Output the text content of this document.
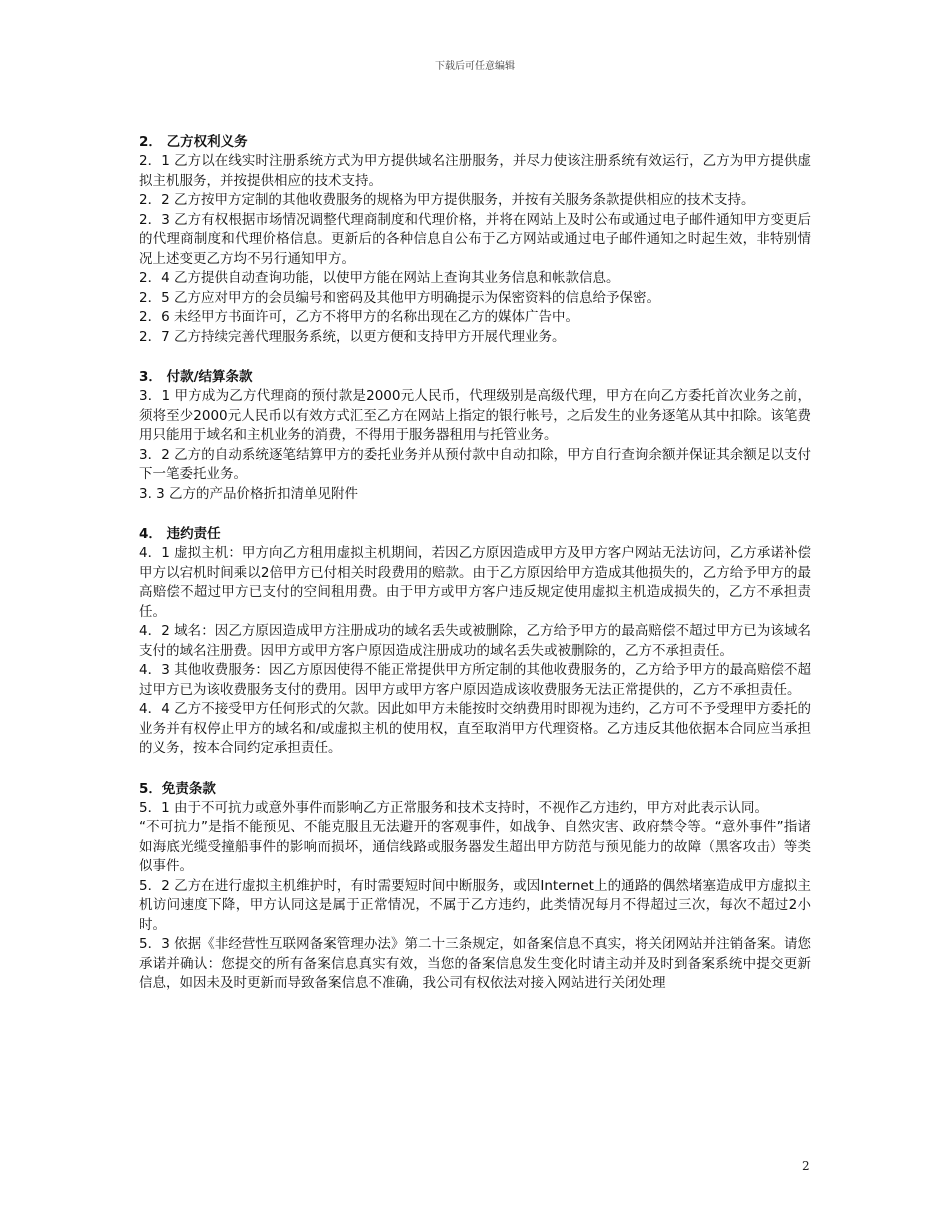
下载后可任意编辑
2． 乙方权利义务
2．1 乙方以在线实时注册系统方式为甲方提供域名注册服务，并尽力使该注册系统有效运行，乙方为甲方提供虚拟主机服务，并按提供相应的技术支持。
2．2 乙方按甲方定制的其他收费服务的规格为甲方提供服务，并按有关服务条款提供相应的技术支持。
2．3 乙方有权根据市场情况调整代理商制度和代理价格，并将在网站上及时公布或通过电子邮件通知甲方变更后的代理商制度和代理价格信息。更新后的各种信息自公布于乙方网站或通过电子邮件通知之时起生效，非特别情况上述变更乙方均不另行通知甲方。
2．4 乙方提供自动查询功能，以使甲方能在网站上查询其业务信息和帐款信息。
2．5 乙方应对甲方的会员编号和密码及其他甲方明确提示为保密资料的信息给予保密。
2．6 未经甲方书面许可，乙方不将甲方的名称出现在乙方的媒体广告中。
2．7 乙方持续完善代理服务系统，以更方便和支持甲方开展代理业务。
3． 付款/结算条款
3．1 甲方成为乙方代理商的预付款是2000元人民币，代理级别是高级代理，甲方在向乙方委托首次业务之前，须将至少2000元人民币以有效方式汇至乙方在网站上指定的银行帐号，之后发生的业务逐笔从其中扣除。该笔费用只能用于域名和主机业务的消费，不得用于服务器租用与托管业务。
3．2 乙方的自动系统逐笔结算甲方的委托业务并从预付款中自动扣除，甲方自行查询余额并保证其余额足以支付下一笔委托业务。
3. 3 乙方的产品价格折扣清单见附件
4． 违约责任
4．1 虚拟主机：甲方向乙方租用虚拟主机期间，若因乙方原因造成甲方及甲方客户网站无法访问，乙方承诺补偿甲方以宕机时间乘以2倍甲方已付相关时段费用的赔款。由于乙方原因给甲方造成其他损失的，乙方给予甲方的最高赔偿不超过甲方已支付的空间租用费。由于甲方或甲方客户违反规定使用虚拟主机造成损失的，乙方不承担责任。
4．2 域名：因乙方原因造成甲方注册成功的域名丢失或被删除，乙方给予甲方的最高赔偿不超过甲方已为该域名支付的域名注册费。因甲方或甲方客户原因造成注册成功的域名丢失或被删除的，乙方不承担责任。
4．3 其他收费服务：因乙方原因使得不能正常提供甲方所定制的其他收费服务的，乙方给予甲方的最高赔偿不超过甲方已为该收费服务支付的费用。因甲方或甲方客户原因造成该收费服务无法正常提供的，乙方不承担责任。
4．4 乙方不接受甲方任何形式的欠款。因此如甲方未能按时交纳费用时即视为违约，乙方可不予受理甲方委托的业务并有权停止甲方的域名和/或虚拟主机的使用权，直至取消甲方代理资格。乙方违反其他依据本合同应当承担的义务，按本合同约定承担责任。
5．免责条款
5．1 由于不可抗力或意外事件而影响乙方正常服务和技术支持时，不视作乙方违约，甲方对此表示认同。
“不可抗力”是指不能预见、不能克服且无法避开的客观事件，如战争、自然灾害、政府禁令等。“意外事件”指诸如海底光缆受撞船事件的影响而损坏，通信线路或服务器发生超出甲方防范与预见能力的故障（黑客攻击）等类似事件。
5．2 乙方在进行虚拟主机维护时，有时需要短时间中断服务，或因Internet上的通路的偶然堵塞造成甲方虚拟主机访问速度下降，甲方认同这是属于正常情况，不属于乙方违约，此类情况每月不得超过三次，每次不超过2小时。
5．3 依据《非经营性互联网备案管理办法》第二十三条规定，如备案信息不真实，将关闭网站并注销备案。请您承诺并确认：您提交的所有备案信息真实有效，当您的备案信息发生变化时请主动并及时到备案系统中提交更新信息，如因未及时更新而导致备案信息不准确，我公司有权依法对接入网站进行关闭处理
2
